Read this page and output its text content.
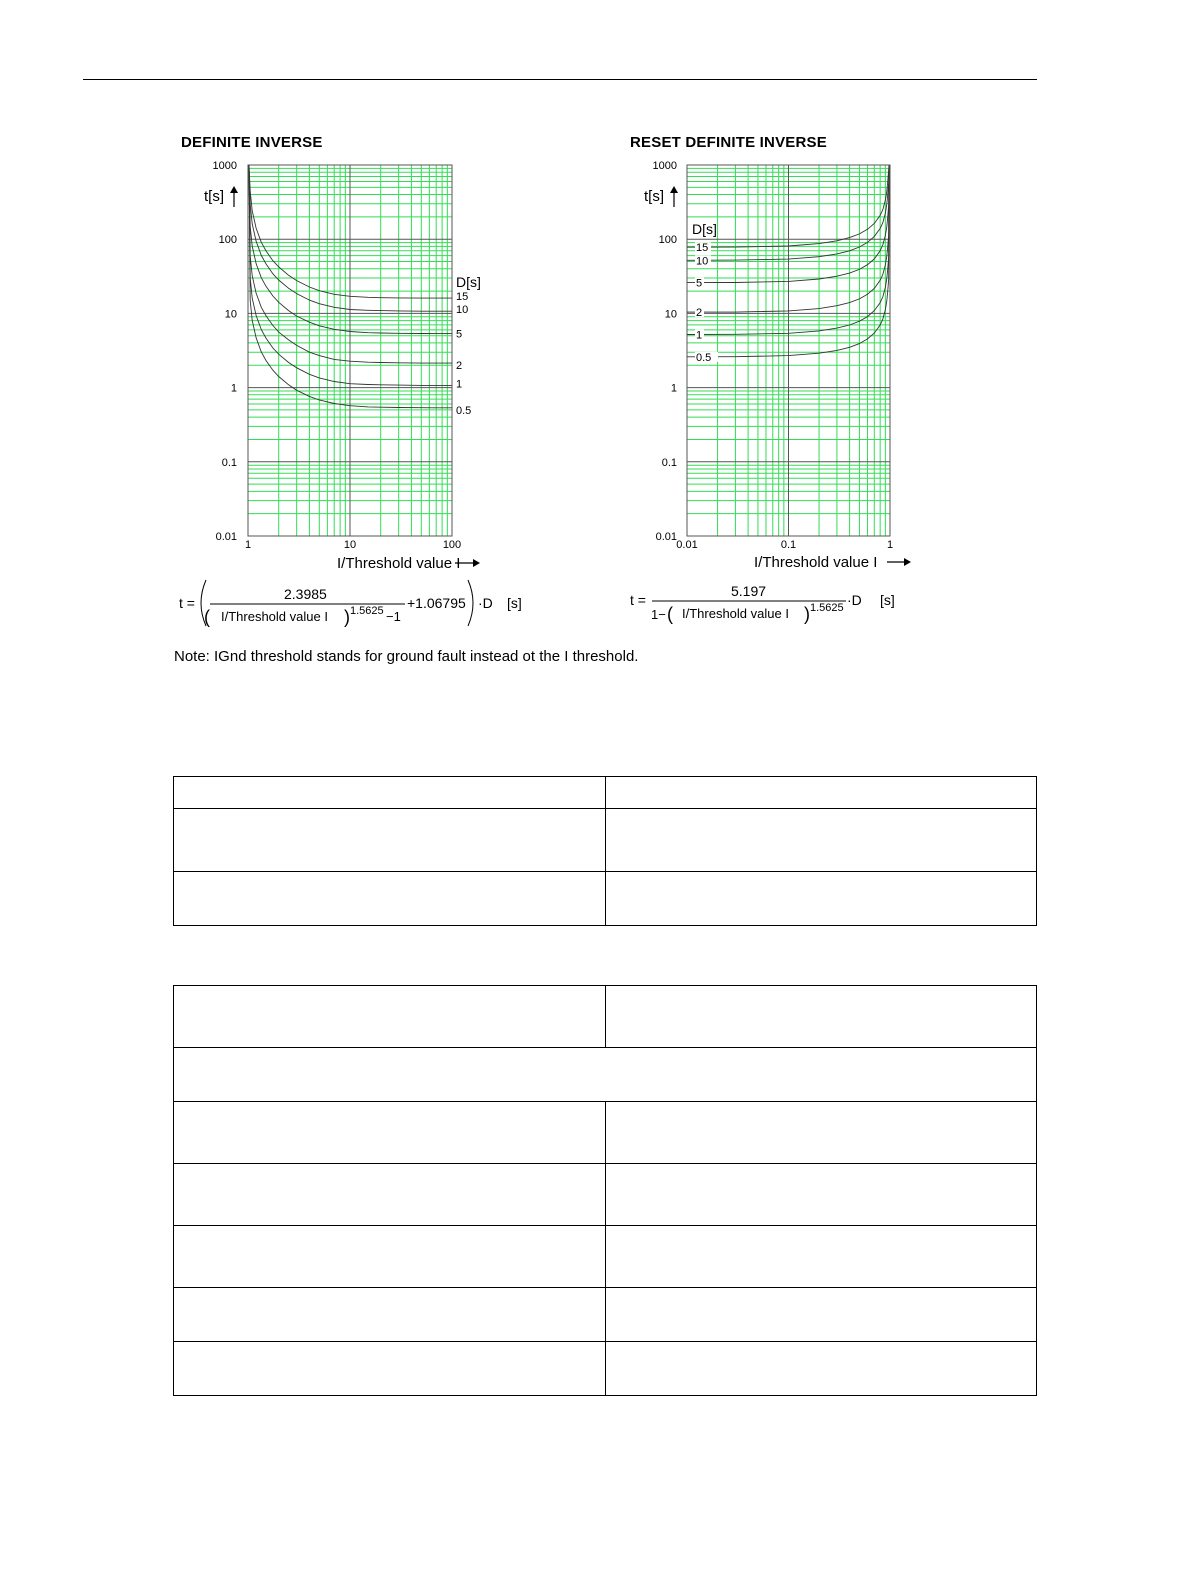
DEFINITE INVERSE	RESET DEFINITE INVERSE
1000
100
10
1
0.1
0.01
1	10	100
t[s]
I/Threshold value I
D[s]
15
10
5
2
1
0.5
1000
100
10
1
0.1
0.01
0.01	0.1	1
t[s]
I/Threshold value I
D[s]
15
10
5
2
1
0.5
t =
2.3985
( I/Threshold value I ) 1.5625 −1
+1.06795 ·D [s]	t =
5.197
1− ( I/Threshold value I ) 1.5625 ·D [s]
Note: IGnd threshold stands for ground fault instead ot the I threshold.
